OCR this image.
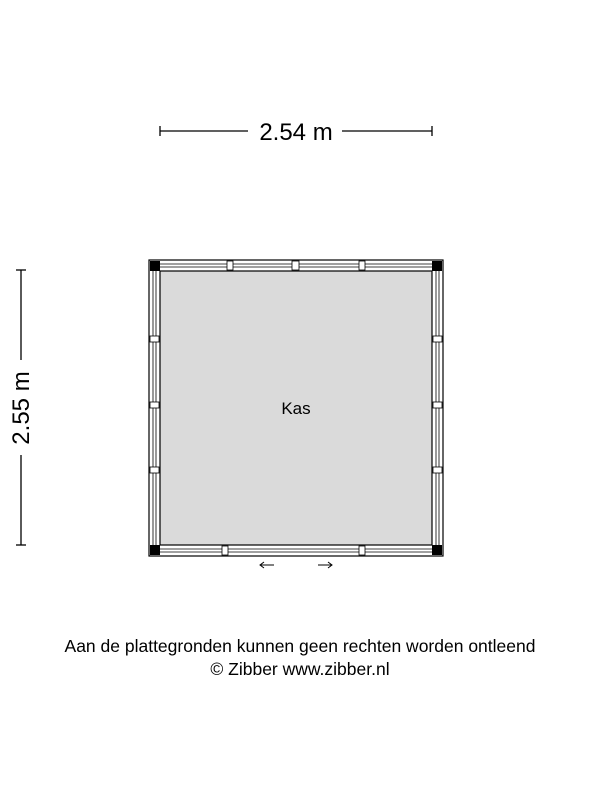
2.54 m
2.55 m	Kas
Aan de plattegronden kunnen geen rechten worden ontleend
© Zibber www.zibber.nl
